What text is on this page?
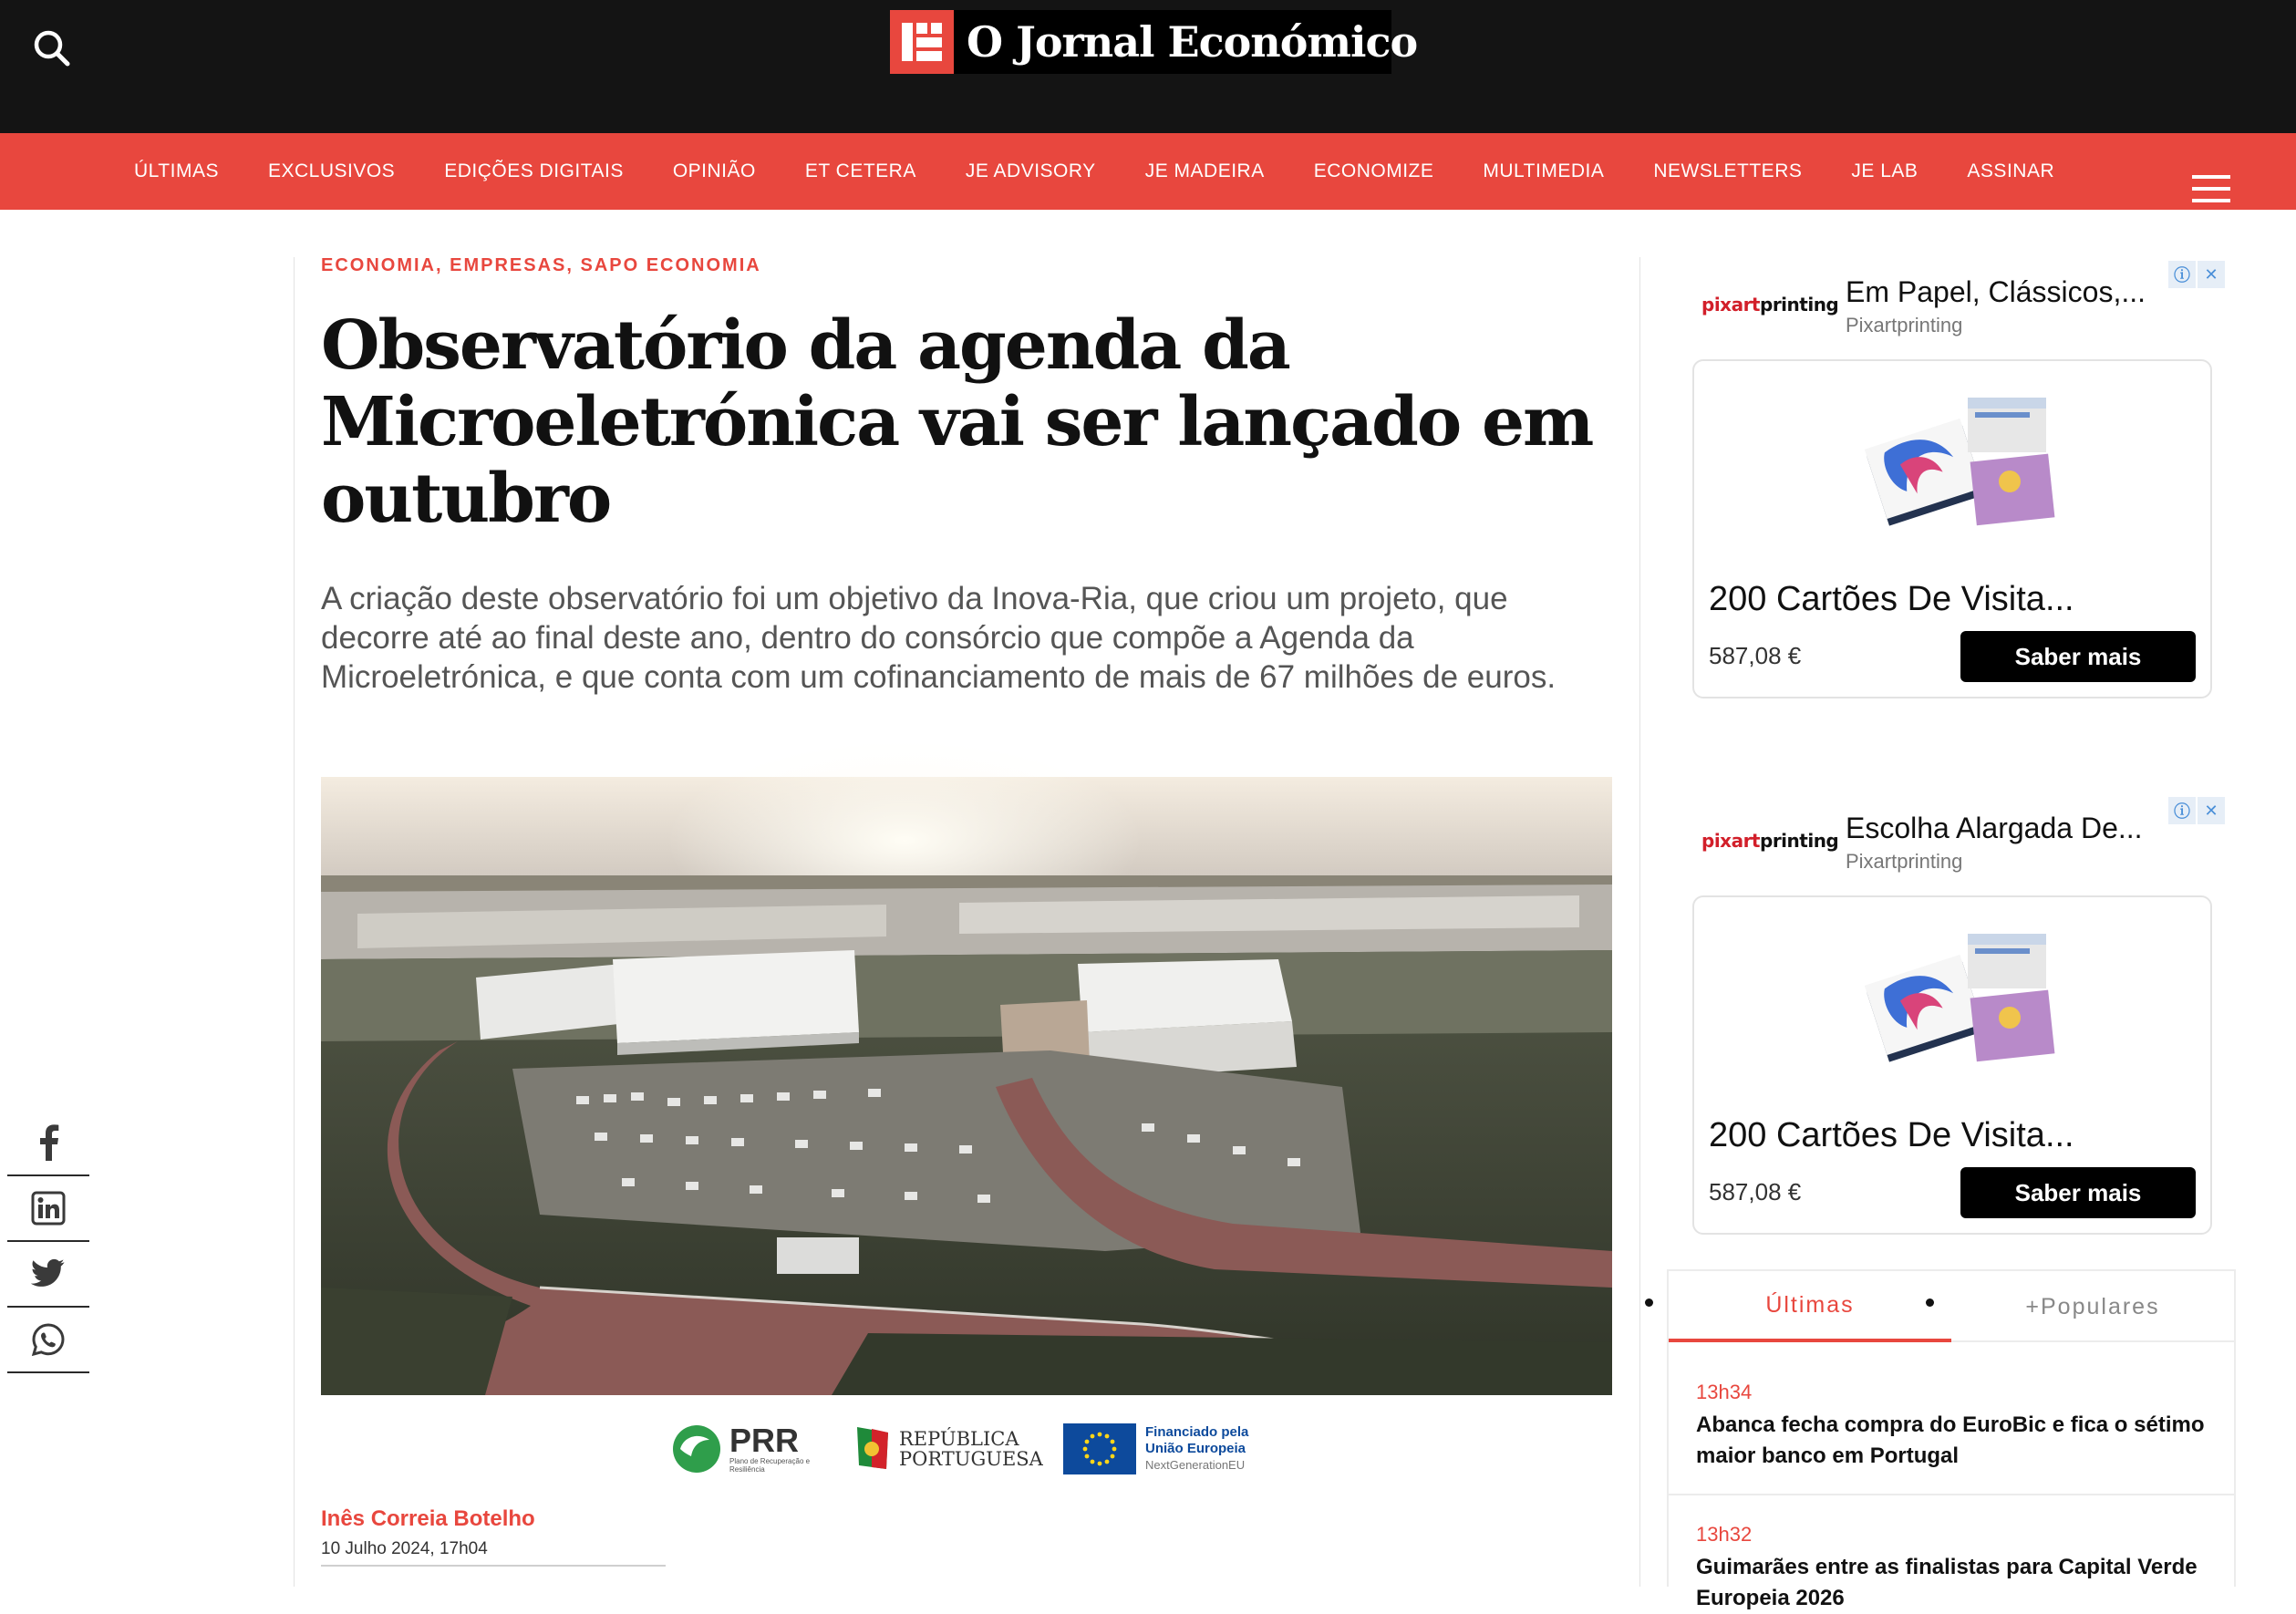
O Jornal Económico
ÚLTIMAS	EXCLUSIVOS	EDIÇÕES DIGITAIS	OPINIÃO	ET CETERA	JE ADVISORY	JE MADEIRA	ECONOMIZE	MULTIMEDIA	NEWSLETTERS	JE LAB	ASSINAR
ECONOMIA, EMPRESAS, SAPO ECONOMIA
Observatório da agenda da Microeletrónica vai ser lançado em outubro

A criação deste observatório foi um objetivo da Inova-Ria, que criou um projeto, que decorre até ao final deste ano, dentro do consórcio que compõe a Agenda da Microeletrónica, e que conta com um cofinanciamento de mais de 67 milhões de euros.

PRR
Plano de Recuperação e Resiliência
REPÚBLICA PORTUGUESA
Financiado pela
União Europeia
NextGenerationEU
Inês Correia Botelho
10 Julho 2024, 17h04
pixartprinting Em Papel, Clássicos,...
Pixartprinting
ⓘ ✕
200 Cartões De Visita...
587,08 €	Saber mais
pixartprinting Escolha Alargada De...
Pixartprinting
ⓘ ✕
200 Cartões De Visita...
587,08 €	Saber mais
Últimas	+Populares
13h34
Abanca fecha compra do EuroBic e fica o sétimo maior banco em Portugal
13h32
Guimarães entre as finalistas para Capital Verde Europeia 2026
